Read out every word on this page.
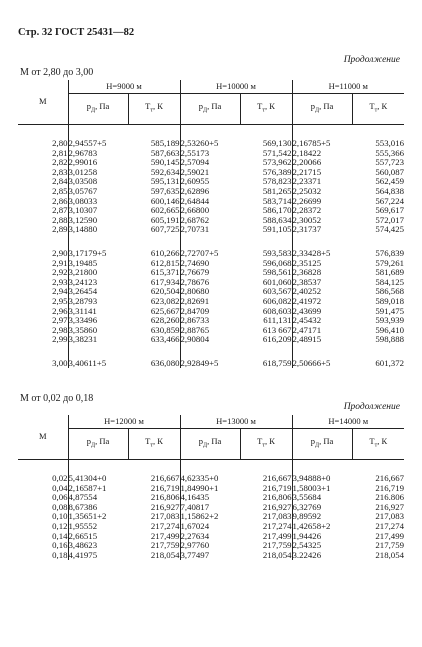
Стр. 32 ГОСТ 25431—82
Продолжение
M от 2,80 до 3,00
M	H=9000 м		H=10000 м		H=11000 м	
	$р_Д$, Па	$Т_т$, К	$р_Д$, Па	$Т_т$, К	$р_Д$, Па	$Т_т$, К

2,80	2,94557+5	585,189	2,53260+5	569,130	2,16785+5	553,016
2,81	2,96783	587,663	2,55173	571,542	2,18422	555,366
2,82	2,99016	590,145	2,57094	573,962	2,20066	557,723
2,83	3,01258	592,634	2,59021	576,389	2,21715	560,087
2,84	3,03508	595,131	2,60955	578,823	2,23371	562,459
2,85	3,05767	597,635	2,62896	581,265	2,25032	564,838
2,86	3,08033	600,146	2,64844	583,714	2,26699	567,224
2,87	3,10307	602,665	2,66800	586,170	2,28372	569,617
2,88	3,12590	605,191	2,68762	588,634	2,30052	572,017
2,89	3,14880	607,725	2,70731	591,105	2,31737	574,425

2,90	3,17179+5	610,266	2,72707+5	593,583	2,33428+5	576,839
2,91	3,19485	612,815	2,74690	596,068	2,35125	579,261
2,92	3,21800	615,371	2,76679	598,561	2,36828	581,689
2,93	3,24123	617,934	2,78676	601,060	2,38537	584,125
2,94	3,26454	620,504	2,80680	603,567	2,40252	586,568
2,95	3,28793	623,082	2,82691	606,082	2,41972	589,018
2,96	3,31141	625,667	2,84709	608,603	2,43699	591,475
2,97	3,33496	628,260	2,86733	611,131	2,45432	593,939
2,98	3,35860	630,859	2,88765	613 667	2,47171	596,410
2,99	3,38231	633,466	2,90804	616,209	2,48915	598,888

3,00	3,40611+5	636,080	2,92849+5	618,759	2,50666+5	601,372
Продолжение
M от 0,02 до 0,18
M	H=12000 м		H=13000 м		H=14000 м	
	$р_Д$, Па	$Т_т$, К	$р_Д$, Па	$Т_т$, К	$р_Д$, Па	$Т_т$, К

0,02	5,41304+0	216,667	4,62335+0	216,667	3,94888+0	216,667
0,04	2,16587+1	216,719	1,84990+1	216,719	1,58003+1	216,719
0,06	4,87554	216,806	4,16435	216,806	3,55684	216.806
0,08	8,67386	216,927	7,40817	216,927	6,32769	216,927
0,10	1,35651+2	217,083	1,15862+2	217,083	9,89592	217,083
0,12	1,95552	217,274	1,67024	217,274	1,42658+2	217,274
0,14	2,66515	217,499	2,27634	217,499	1,94426	217,499
0,16	3,48623	217,759	2,97760	217,759	2,54325	217,759
0,18	4,41975	218,054	3,77497	218,054	3.22426	218,054
